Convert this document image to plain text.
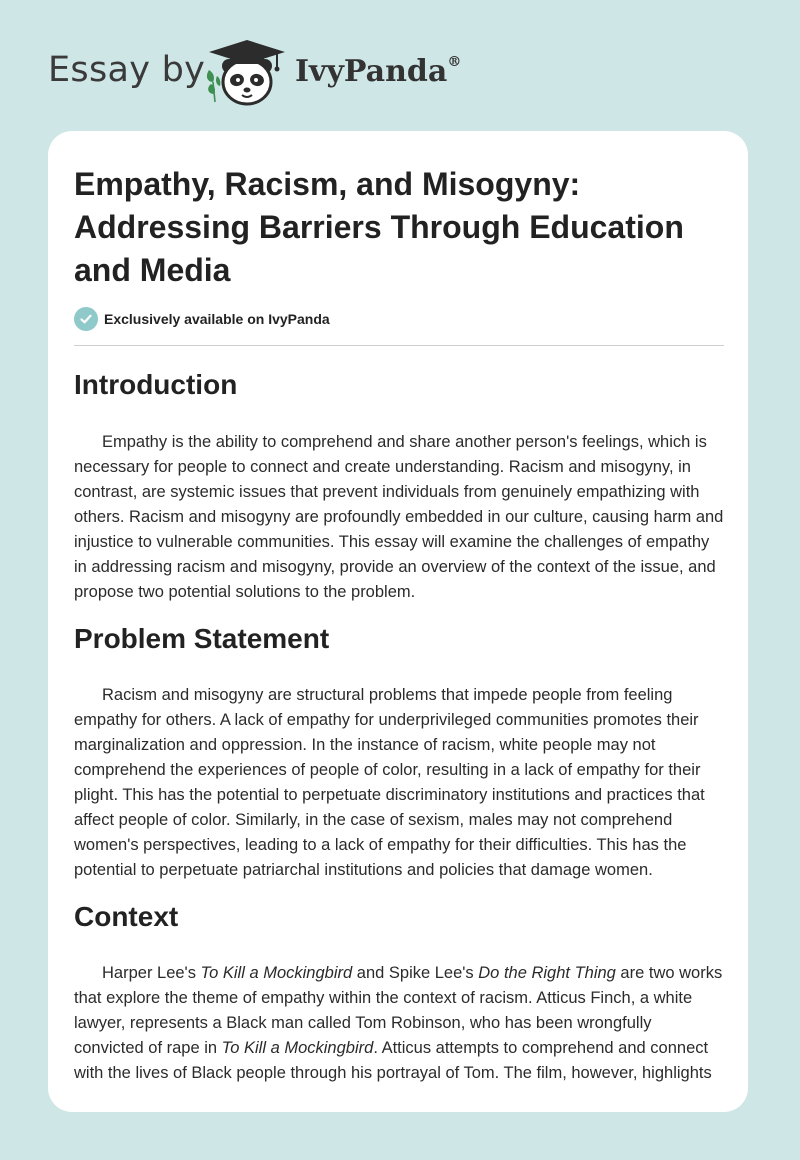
Essay by	IvyPanda®
Empathy, Racism, and Misogyny: Addressing Barriers Through Education and Media
Exclusively available on IvyPanda
Introduction

Empathy is the ability to comprehend and share another person's feelings, which is necessary for people to connect and create understanding. Racism and misogyny, in contrast, are systemic issues that prevent individuals from genuinely empathizing with others. Racism and misogyny are profoundly embedded in our culture, causing harm and injustice to vulnerable communities. This essay will examine the challenges of empathy in addressing racism and misogyny, provide an overview of the context of the issue, and propose two potential solutions to the problem.

Problem Statement

Racism and misogyny are structural problems that impede people from feeling empathy for others. A lack of empathy for underprivileged communities promotes their marginalization and oppression. In the instance of racism, white people may not comprehend the experiences of people of color, resulting in a lack of empathy for their plight. This has the potential to perpetuate discriminatory institutions and practices that affect people of color. Similarly, in the case of sexism, males may not comprehend women's perspectives, leading to a lack of empathy for their difficulties. This has the potential to perpetuate patriarchal institutions and policies that damage women.

Context

Harper Lee's To Kill a Mockingbird and Spike Lee's Do the Right Thing are two works that explore the theme of empathy within the context of racism. Atticus Finch, a white lawyer, represents a Black man called Tom Robinson, who has been wrongfully convicted of rape in To Kill a Mockingbird. Atticus attempts to comprehend and connect with the lives of Black people through his portrayal of Tom. The film, however, highlights
